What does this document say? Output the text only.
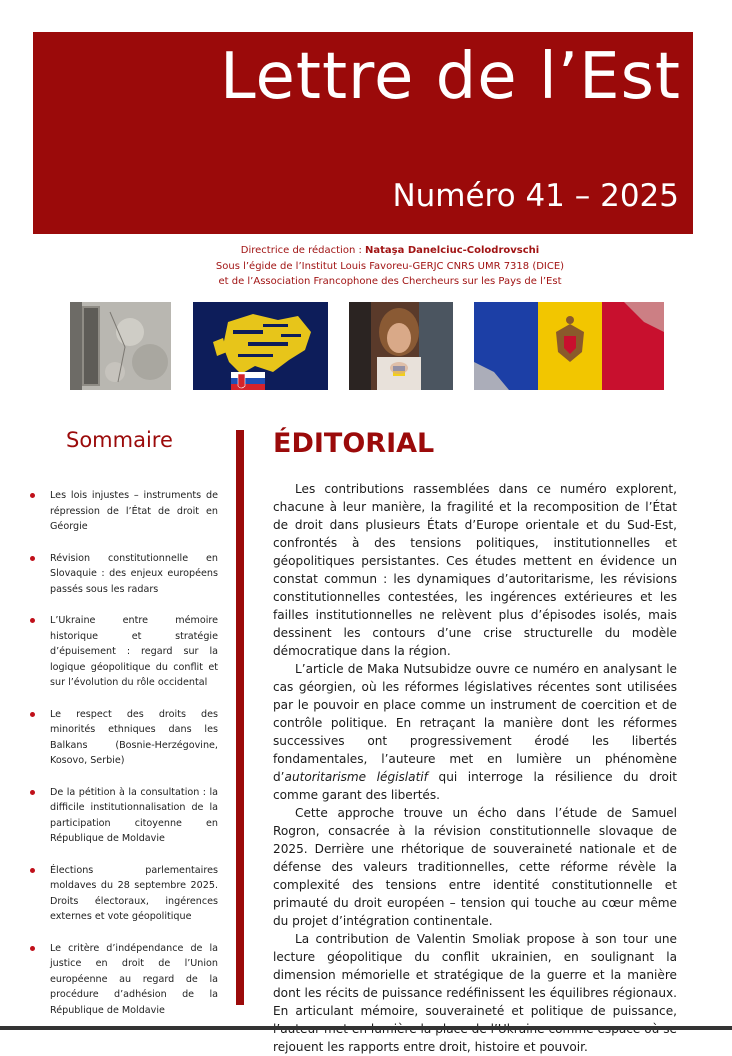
Lettre de l’Est
Numéro 41 – 2025
Directrice de rédaction : Nataşa Danelciuc-Colodrovschi
Sous l’égide de l’Institut Louis Favoreu-GERJC CNRS UMR 7318 (DICE)
et de l’Association Francophone des Chercheurs sur les Pays de l’Est
Sommaire
Les lois injustes – instruments de répression de l’État de droit en Géorgie
Révision constitutionnelle en Slovaquie : des enjeux européens passés sous les radars
L’Ukraine entre mémoire historique et stratégie d’épuisement : regard sur la logique géopolitique du conflit et sur l’évolution du rôle occidental
Le respect des droits des minorités ethniques dans les Balkans (Bosnie-Herzégovine, Kosovo, Serbie)
De la pétition à la consultation : la difficile institutionnalisation de la participation citoyenne en République de Moldavie
Élections parlementaires moldaves du 28 septembre 2025. Droits électoraux, ingérences externes et vote géopolitique
Le critère d’indépendance de la justice en droit de l’Union européenne au regard de la procédure d’adhésion de la République de Moldavie
ÉDITORIAL

Les contributions rassemblées dans ce numéro explorent, chacune à leur manière, la fragilité et la recomposition de l’État de droit dans plusieurs États d’Europe orientale et du Sud-Est, confrontés à des tensions politiques, institutionnelles et géopolitiques persistantes. Ces études mettent en évidence un constat commun : les dynamiques d’autoritarisme, les révisions constitutionnelles contestées, les ingérences extérieures et les failles institutionnelles ne relèvent plus d’épisodes isolés, mais dessinent les contours d’une crise structurelle du modèle démocratique dans la région.

L’article de Maka Nutsubidze ouvre ce numéro en analysant le cas géorgien, où les réformes législatives récentes sont utilisées par le pouvoir en place comme un instrument de coercition et de contrôle politique. En retraçant la manière dont les réformes successives ont progressivement érodé les libertés fondamentales, l’auteure met en lumière un phénomène d’autoritarisme législatif qui interroge la résilience du droit comme garant des libertés.

Cette approche trouve un écho dans l’étude de Samuel Rogron, consacrée à la révision constitutionnelle slovaque de 2025. Derrière une rhétorique de souveraineté nationale et de défense des valeurs traditionnelles, cette réforme révèle la complexité des tensions entre identité constitutionnelle et primauté du droit européen – tension qui touche au cœur même du projet d’intégration continentale.

La contribution de Valentin Smoliak propose à son tour une lecture géopolitique du conflit ukrainien, en soulignant la dimension mémorielle et stratégique de la guerre et la manière dont les récits de puissance redéfinissent les équilibres régionaux. En articulant mémoire, souveraineté et politique de puissance, rejouent les rapports entre droit, histoire et pouvoir.
